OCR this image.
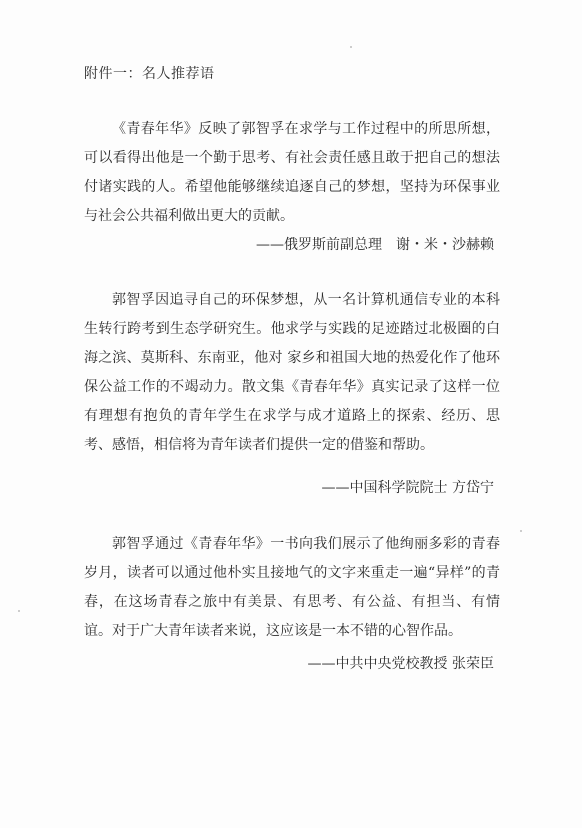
附件一：名人推荐语

《青春年华》反映了郭智孚在求学与工作过程中的所思所想，可以看得出他是一个勤于思考、有社会责任感且敢于把自己的想法付诸实践的人。希望他能够继续追逐自己的梦想，坚持为环保事业与社会公共福利做出更大的贡献。

——俄罗斯前副总理　谢・米・沙赫赖

郭智孚因追寻自己的环保梦想，从一名计算机通信专业的本科生转行跨考到生态学研究生。他求学与实践的足迹踏过北极圈的白海之滨、莫斯科、东南亚，他对 家乡和祖国大地的热爱化作了他环保公益工作的不竭动力。散文集《青春年华》真实记录了这样一位有理想有抱负的青年学生在求学与成才道路上的探索、经历、思考、感悟，相信将为青年读者们提供一定的借鉴和帮助。

——中国科学院院士 方岱宁

郭智孚通过《青春年华》一书向我们展示了他绚丽多彩的青春岁月，读者可以通过他朴实且接地气的文字来重走一遍“异样”的青春，在这场青春之旅中有美景、有思考、有公益、有担当、有情谊。对于广大青年读者来说，这应该是一本不错的心智作品。

——中共中央党校教授 张荣臣
